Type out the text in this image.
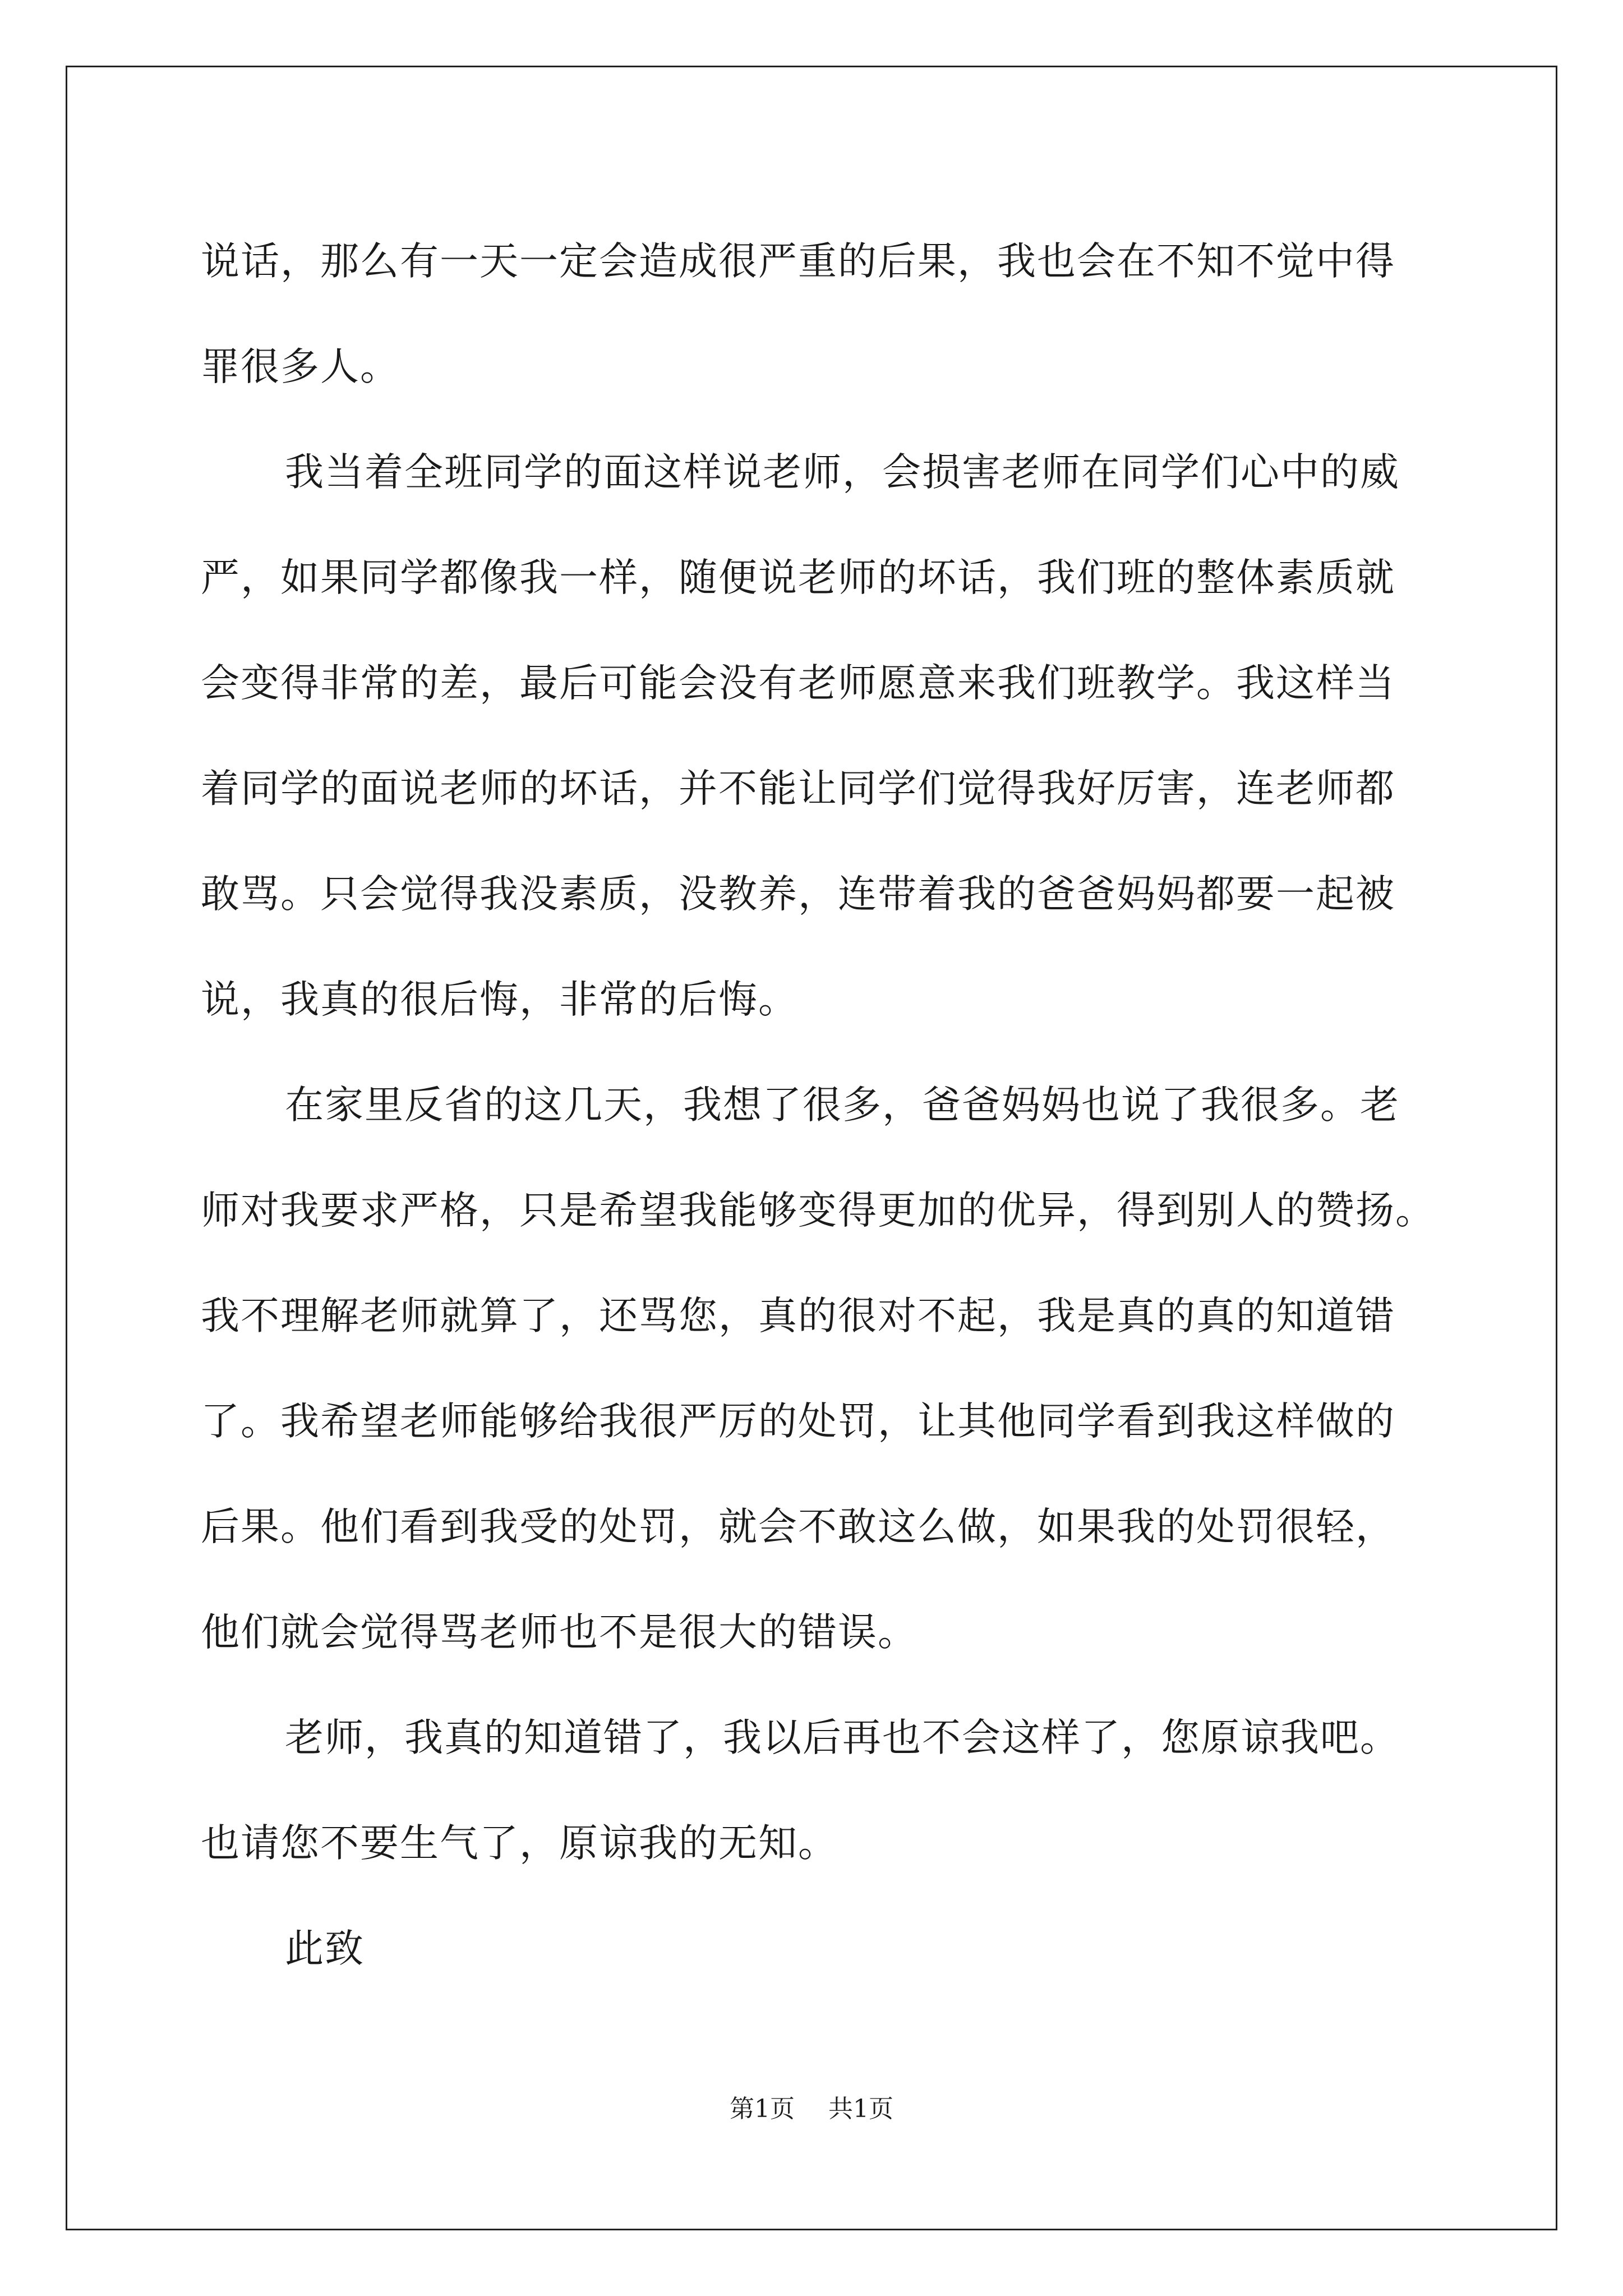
说话，那么有一天一定会造成很严重的后果，我也会在不知不觉中得
罪很多人。
我当着全班同学的面这样说老师，会损害老师在同学们心中的威
严，如果同学都像我一样，随便说老师的坏话，我们班的整体素质就
会变得非常的差，最后可能会没有老师愿意来我们班教学。我这样当
着同学的面说老师的坏话，并不能让同学们觉得我好厉害，连老师都
敢骂。只会觉得我没素质，没教养，连带着我的爸爸妈妈都要一起被
说，我真的很后悔，非常的后悔。
在家里反省的这几天，我想了很多，爸爸妈妈也说了我很多。老
师对我要求严格，只是希望我能够变得更加的优异，得到别人的赞扬。
我不理解老师就算了，还骂您，真的很对不起，我是真的真的知道错
了。我希望老师能够给我很严厉的处罚，让其他同学看到我这样做的
后果。他们看到我受的处罚，就会不敢这么做，如果我的处罚很轻，
他们就会觉得骂老师也不是很大的错误。
老师，我真的知道错了，我以后再也不会这样了，您原谅我吧。
也请您不要生气了，原谅我的无知。
此致
第1页 共1页
